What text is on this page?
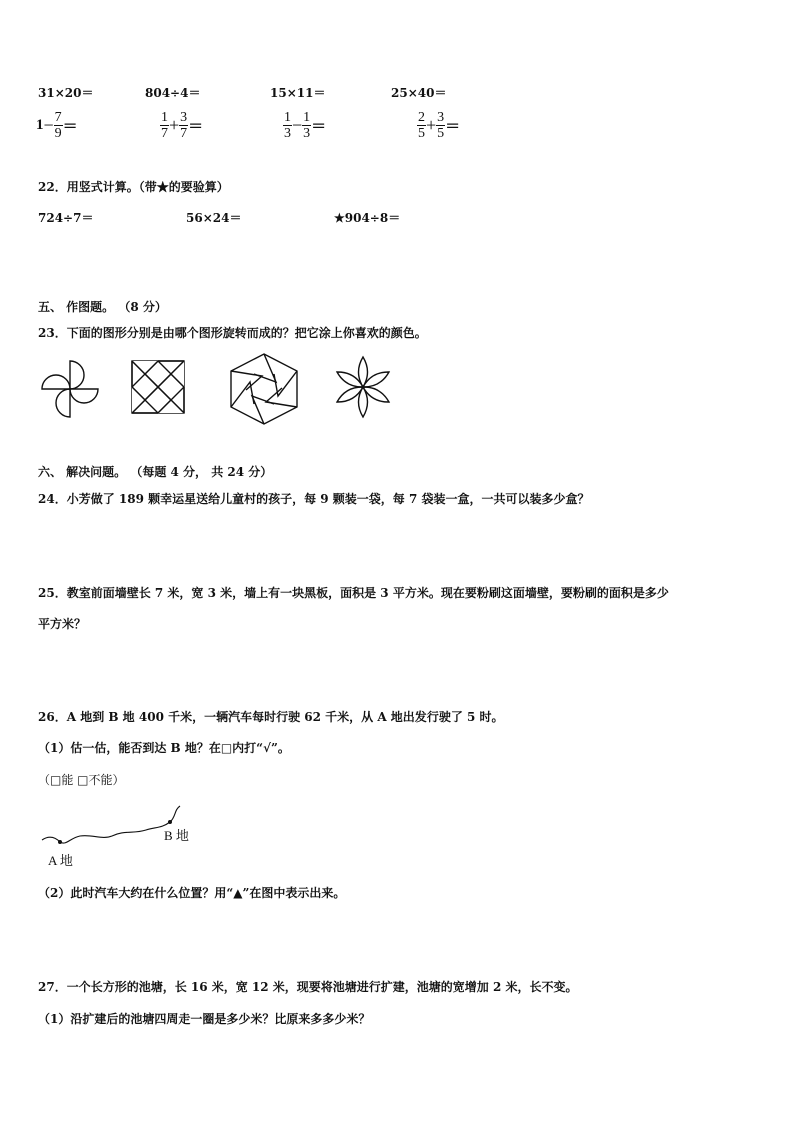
31×20＝	804÷4＝	15×11＝	25×40＝
$1- \frac{7}{9}$ ＝	$\frac{1}{7} + \frac{3}{7}$ ＝	$\frac{1}{3} - \frac{1}{3}$ ＝	$\frac{2}{5} + \frac{3}{5}$ ＝
22．用竖式计算。（带★的要验算）
724÷7＝	56×24＝	★904÷8＝
五、 作图题。 （8 分）
23．下面的图形分别是由哪个图形旋转而成的？把它涂上你喜欢的颜色。
六、 解决问题。 （每题 4 分， 共 24 分）
24．小芳做了 189 颗幸运星送给儿童村的孩子，每 9 颗装一袋，每 7 袋装一盒，一共可以装多少盒？
25．教室前面墙壁长 7 米，宽 3 米，墙上有一块黑板，面积是 3 平方米。现在要粉刷这面墙壁，要粉刷的面积是多少
平方米？
26．A 地到 B 地 400 千米，一辆汽车每时行驶 62 千米，从 A 地出发行驶了 5 时。
（1）估一估，能否到达 B 地？在□内打“√”。
（□能 □不能）
B 地
A 地
（2）此时汽车大约在什么位置？用“▲”在图中表示出来。
27．一个长方形的池塘，长 16 米，宽 12 米，现要将池塘进行扩建，池塘的宽增加 2 米，长不变。
（1）沿扩建后的池塘四周走一圈是多少米？比原来多多少米？
